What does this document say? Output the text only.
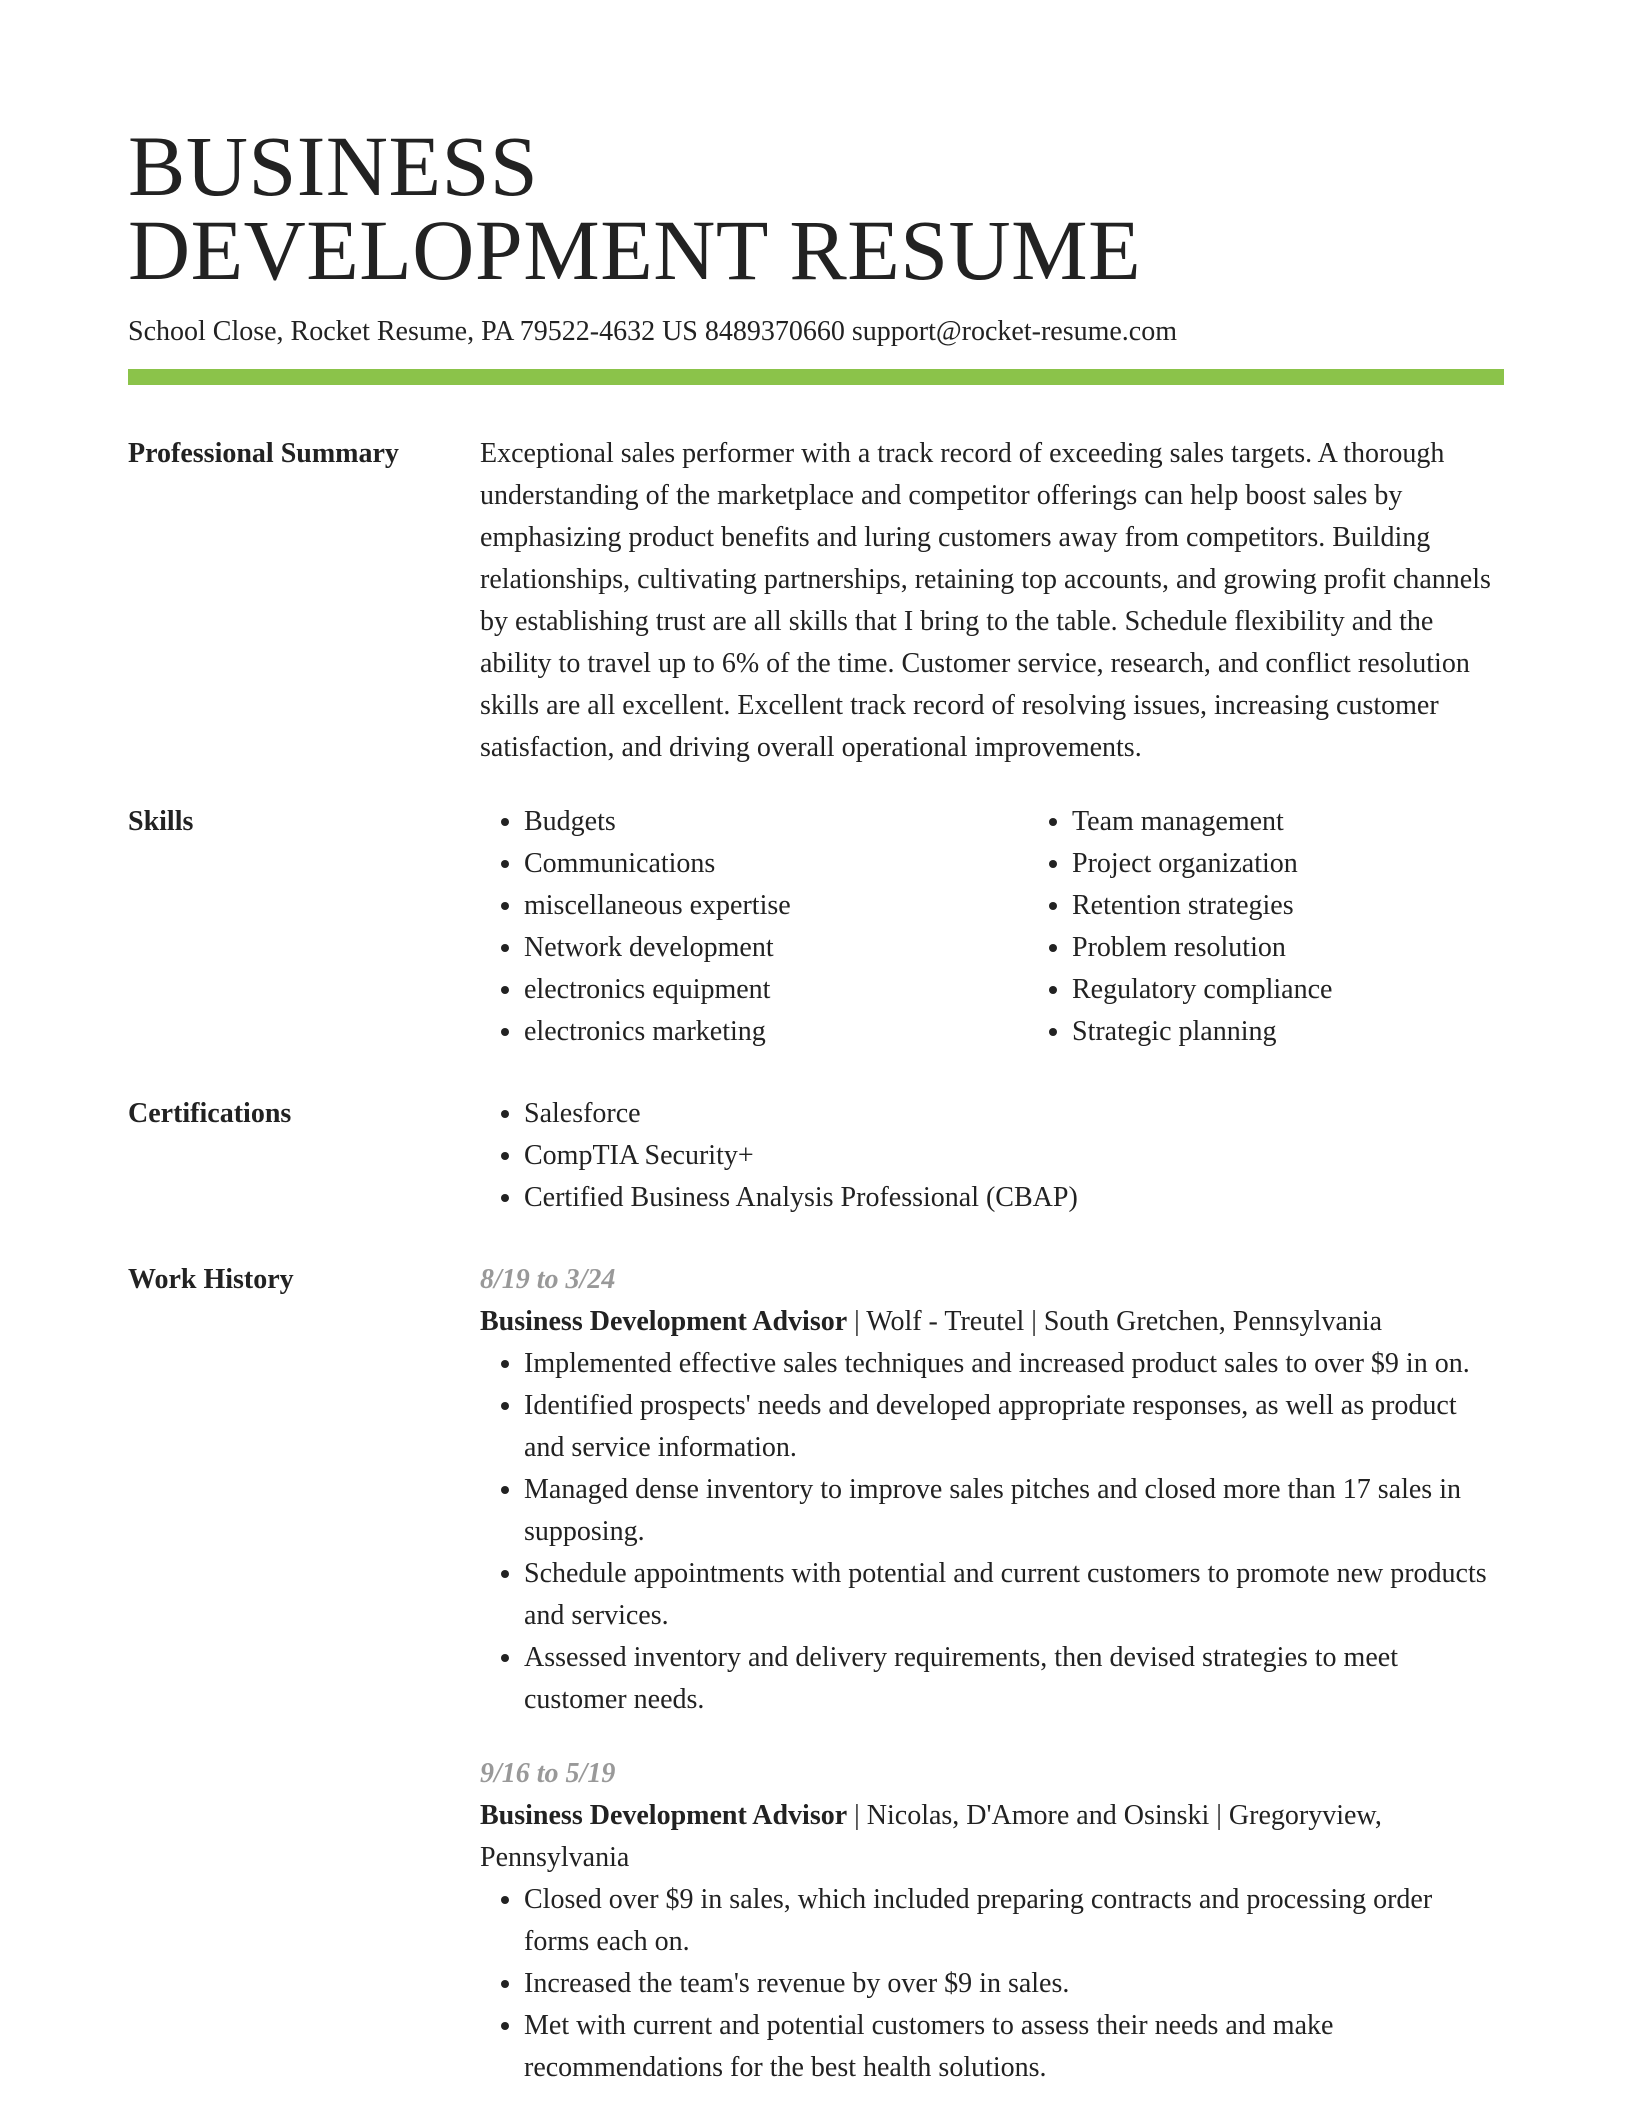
BUSINESS
DEVELOPMENT RESUME
School Close, Rocket Resume, PA 79522-4632 US 8489370660 support@rocket-resume.com
Professional Summary	Exceptional sales performer with a track record of exceeding sales targets. A thorough understanding of the marketplace and competitor offerings can help boost sales by emphasizing product benefits and luring customers away from competitors. Building relationships, cultivating partnerships, retaining top accounts, and growing profit channels by establishing trust are all skills that I bring to the table. Schedule flexibility and the ability to travel up to 6% of the time. Customer service, research, and conflict resolution skills are all excellent. Excellent track record of resolving issues, increasing customer satisfaction, and driving overall operational improvements.

Skills	• Budgets
• Communications
• miscellaneous expertise
• Network development
• electronics equipment
• electronics marketing
• Team management
• Project organization
• Retention strategies
• Problem resolution
• Regulatory compliance
• Strategic planning
Certifications	• Salesforce
• CompTIA Security+
• Certified Business Analysis Professional (CBAP)
Work History	8/19 to 3/24
Business Development Advisor | Wolf - Treutel | South Gretchen, Pennsylvania
• Implemented effective sales techniques and increased product sales to over $9 in on.
• Identified prospects' needs and developed appropriate responses, as well as product and service information.
• Managed dense inventory to improve sales pitches and closed more than 17 sales in supposing.
• Schedule appointments with potential and current customers to promote new products and services.
• Assessed inventory and delivery requirements, then devised strategies to meet customer needs.
9/16 to 5/19
Business Development Advisor | Nicolas, D'Amore and Osinski | Gregoryview, Pennsylvania
• Closed over $9 in sales, which included preparing contracts and processing order forms each on.
• Increased the team's revenue by over $9 in sales.
• Met with current and potential customers to assess their needs and make recommendations for the best health solutions.
